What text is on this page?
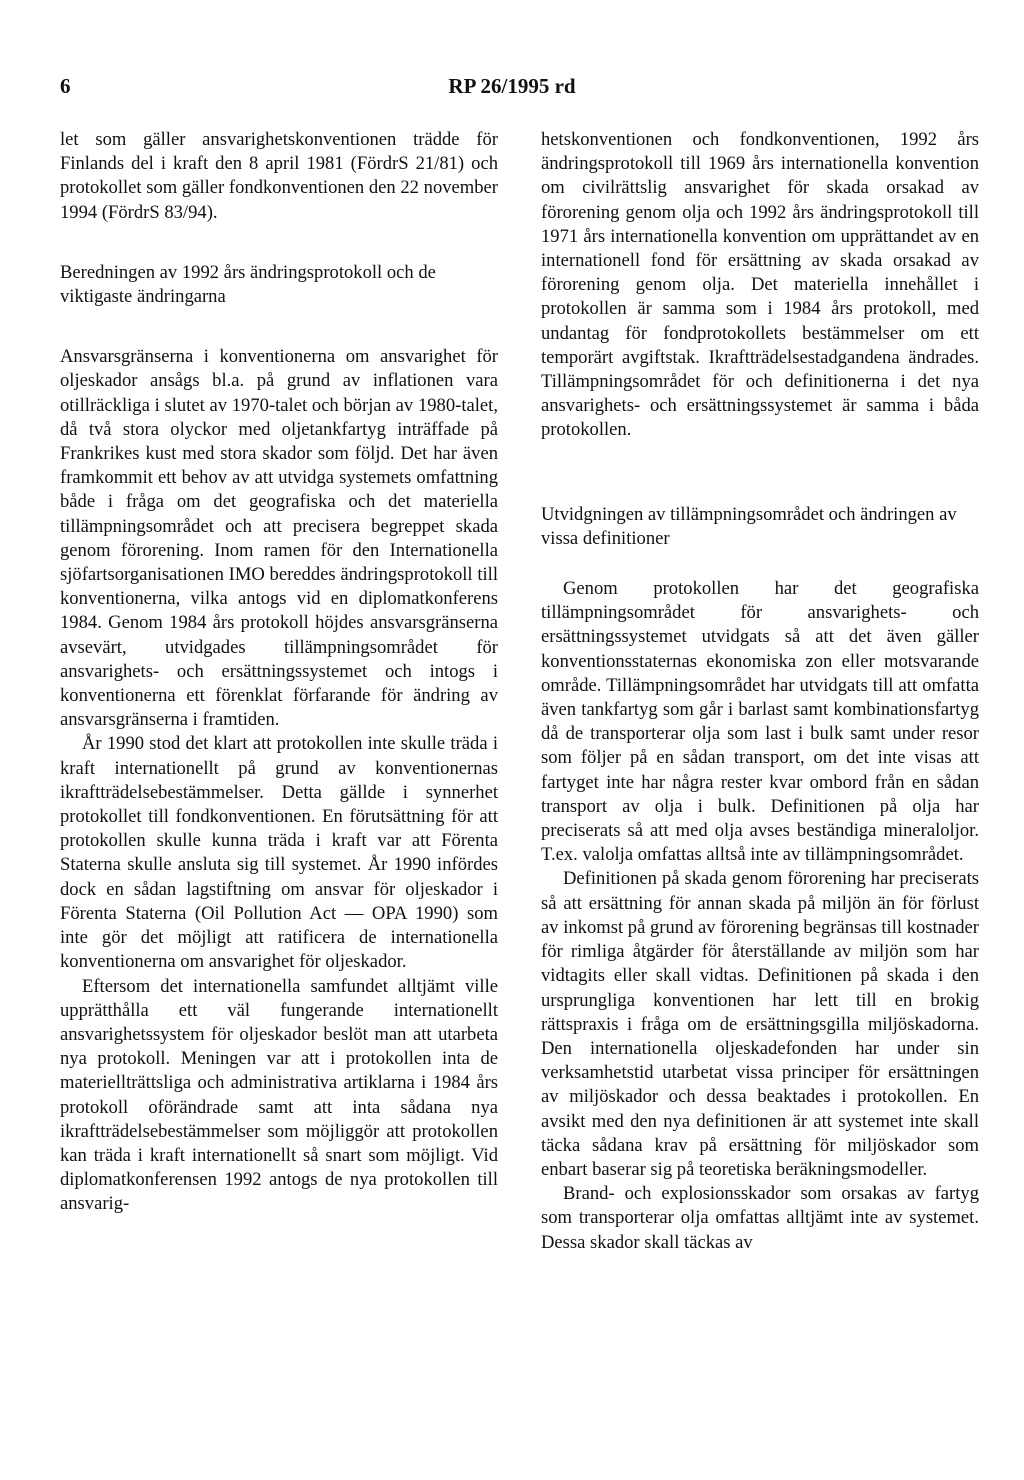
6	RP 26/1995 rd

let som gäller ansvarighetskonventionen trädde för Finlands del i kraft den 8 april 1981 (FördrS 21/81) och protokollet som gäller fondkonventionen den 22 november 1994 (FördrS 83/94).

Beredningen av 1992 års ändringsprotokoll och de viktigaste ändringarna

Ansvarsgränserna i konventionerna om ansvarighet för oljeskador ansågs bl.a. på grund av inflationen vara otillräckliga i slutet av 1970-talet och början av 1980-talet, då två stora olyckor med oljetankfartyg inträffade på Frankrikes kust med stora skador som följd. Det har även framkommit ett behov av att utvidga systemets omfattning både i fråga om det geografiska och det materiella tillämpningsområdet och att precisera begreppet skada genom förorening. Inom ramen för den Internationella sjöfartsorganisationen IMO bereddes ändringsprotokoll till konventionerna, vilka antogs vid en diplomatkonferens 1984. Genom 1984 års protokoll höjdes ansvarsgränserna avsevärt, utvidgades tillämpningsområdet för ansvarighets- och ersättningssystemet och intogs i konventionerna ett förenklat förfarande för ändring av ansvarsgränserna i framtiden.

År 1990 stod det klart att protokollen inte skulle träda i kraft internationellt på grund av konventionernas ikraftträdelsebestämmelser. Detta gällde i synnerhet protokollet till fondkonventionen. En förutsättning för att protokollen skulle kunna träda i kraft var att Förenta Staterna skulle ansluta sig till systemet. År 1990 infördes dock en sådan lagstiftning om ansvar för oljeskador i Förenta Staterna (Oil Pollution Act — OPA 1990) som inte gör det möjligt att ratificera de internationella konventionerna om ansvarighet för oljeskador.

Eftersom det internationella samfundet alltjämt ville upprätthålla ett väl fungerande internationellt ansvarighetssystem för oljeskador beslöt man att utarbeta nya protokoll. Meningen var att i protokollen inta de materiellträttsliga och administrativa artiklarna i 1984 års protokoll oförändrade samt att inta sådana nya ikraftträdelsebestämmelser som möjliggör att protokollen kan träda i kraft internationellt så snart som möjligt. Vid diplomatkonferensen 1992 antogs de nya protokollen till ansvarig-

hetskonventionen och fondkonventionen, 1992 års ändringsprotokoll till 1969 års internationella konvention om civilrättslig ansvarighet för skada orsakad av förorening genom olja och 1992 års ändringsprotokoll till 1971 års internationella konvention om upprättandet av en internationell fond för ersättning av skada orsakad av förorening genom olja. Det materiella innehållet i protokollen är samma som i 1984 års protokoll, med undantag för fondprotokollets bestämmelser om ett temporärt avgiftstak. Ikraftträdelsestadgandena ändrades. Tillämpningsområdet för och definitionerna i det nya ansvarighets- och ersättningssystemet är samma i båda protokollen.

Utvidgningen av tillämpningsområdet och ändringen av vissa definitioner

Genom protokollen har det geografiska tillämpningsområdet för ansvarighets- och ersättningssystemet utvidgats så att det även gäller konventionsstaternas ekonomiska zon eller motsvarande område. Tillämpningsområdet har utvidgats till att omfatta även tankfartyg som går i barlast samt kombinationsfartyg då de transporterar olja som last i bulk samt under resor som följer på en sådan transport, om det inte visas att fartyget inte har några rester kvar ombord från en sådan transport av olja i bulk. Definitionen på olja har preciserats så att med olja avses beständiga mineraloljor. T.ex. valolja omfattas alltså inte av tillämpningsområdet.

Definitionen på skada genom förorening har preciserats så att ersättning för annan skada på miljön än för förlust av inkomst på grund av förorening begränsas till kostnader för rimliga åtgärder för återställande av miljön som har vidtagits eller skall vidtas. Definitionen på skada i den ursprungliga konventionen har lett till en brokig rättspraxis i fråga om de ersättningsgilla miljöskadorna. Den internationella oljeskadefonden har under sin verksamhetstid utarbetat vissa principer för ersättningen av miljöskador och dessa beaktades i protokollen. En avsikt med den nya definitionen är att systemet inte skall täcka sådana krav på ersättning för miljöskador som enbart baserar sig på teoretiska beräkningsmodeller.

Brand- och explosionsskador som orsakas av fartyg som transporterar olja omfattas alltjämt inte av systemet. Dessa skador skall täckas av
